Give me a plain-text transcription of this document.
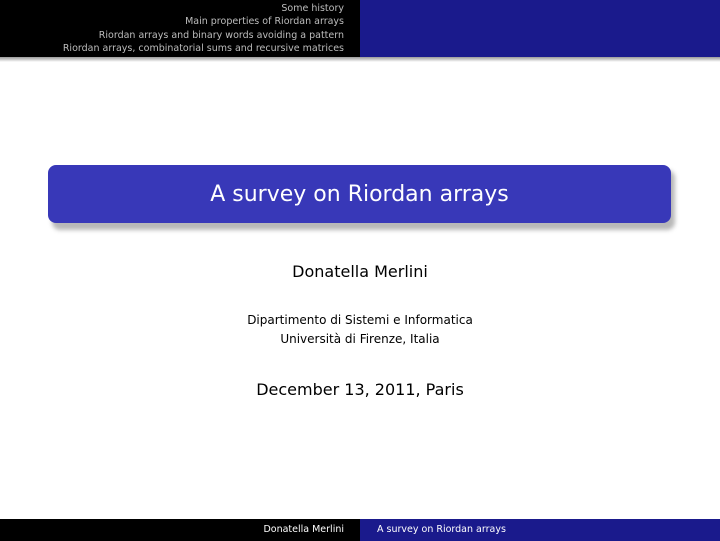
Some history
Main properties of Riordan arrays
Riordan arrays and binary words avoiding a pattern
Riordan arrays, combinatorial sums and recursive matrices
A survey on Riordan arrays
Donatella Merlini
Dipartimento di Sistemi e Informatica
Università di Firenze, Italia
December 13, 2011, Paris
Donatella Merlini	A survey on Riordan arrays
